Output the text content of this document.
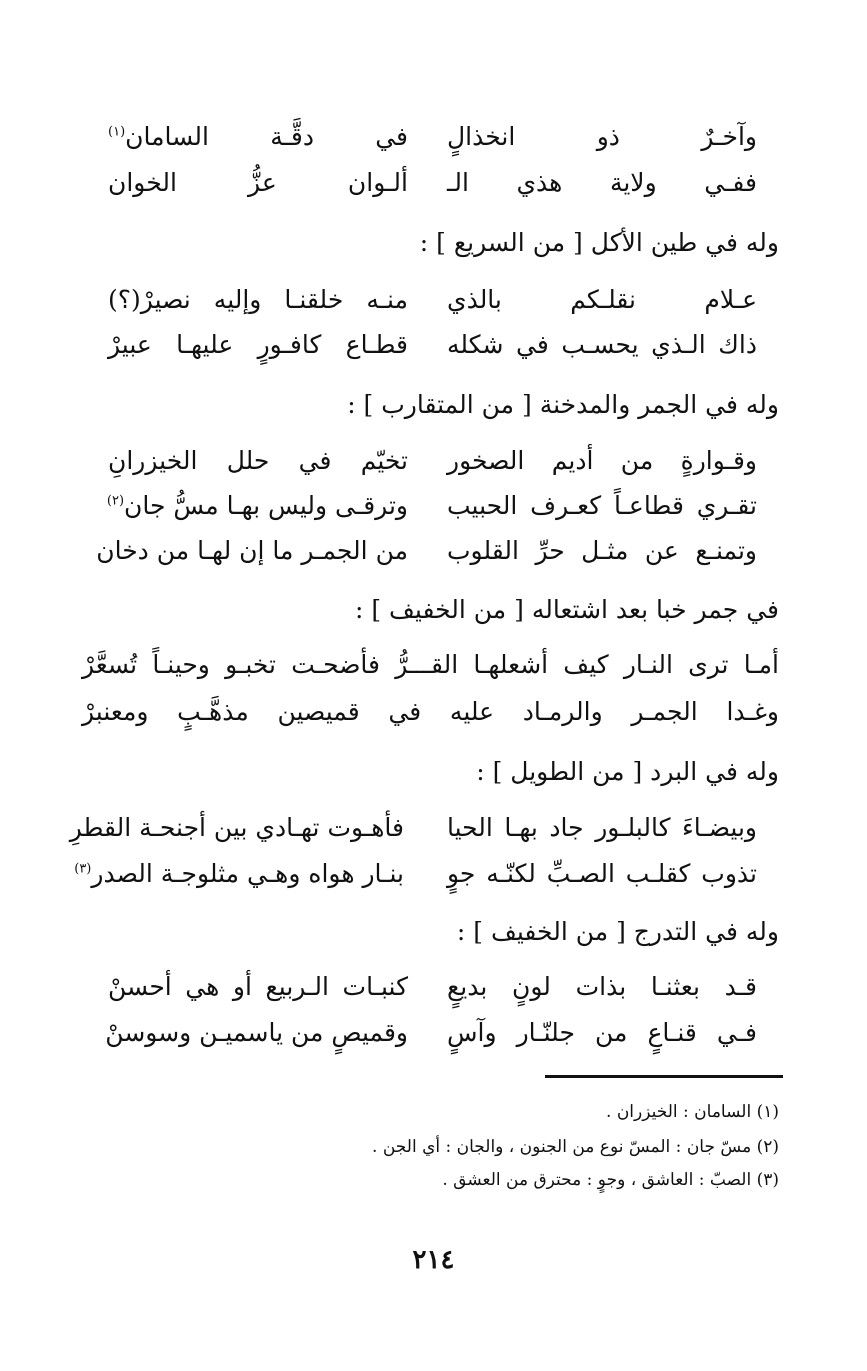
وآخـرٌ ذو انخذالٍ
في دقَّـة السامان$^{(١)}$
ففـي ولاية هذي الـ
ألـوان عزُّ الخوان
وله في طين الأكل [ من السريع ] :
عـلام نقلـكم بالذي
منـه خلقنـا وإليه نصيرْ(؟)
ذاك الـذي يحسـب في شكله
قطـاع كافـورٍ عليهـا عبيرْ
وله في الجمر والمدخنة [ من المتقارب ] :
وقـوارةٍ من أديم الصخور
تخيّم في حلل الخيزرانِ
تقـري قطاعـاً كعـرف الحبيب
وترقـى وليس بهـا مسُّ جان$^{(٢)}$
وتمنـع عن مثـل حرِّ القلوب
من الجمـر ما إن لهـا من دخان
في جمر خبا بعد اشتعاله [ من الخفيف ] :
أمـا ترى النـار كيف أشعلهـا القـــرُّ فأضحـت تخبـو وحينـاً تُسعَّرْ
وغـدا الجمـر والرمـاد عليه في قميصين مذهَّـبٍ ومعنبرْ
وله في البرد [ من الطويل ] :
وبيضـاءَ كالبلـور جاد بهـا الحيا
فأهـوت تهـادي بين أجنحـة القطرِ
تذوب كقلـب الصـبِّ لكنّـه جوٍ
بنـار هواه وهـي مثلوجـة الصدر$^{(٣)}$
وله في التدرج [ من الخفيف ] :
قـد بعثنـا بذات لونٍ بديعٍ
كنبـات الـربيع أو هي أحسنْ
فـي قنـاعٍ من جلنّـار وآسٍ
وقميصٍ من ياسميـن وسوسنْ
(١) السامان : الخيزران .
(٢) مسّ جان : المسّ نوع من الجنون ، والجان : أي الجن .
(٣) الصبّ : العاشق ، وجوٍ : محترق من العشق .
٢١٤
